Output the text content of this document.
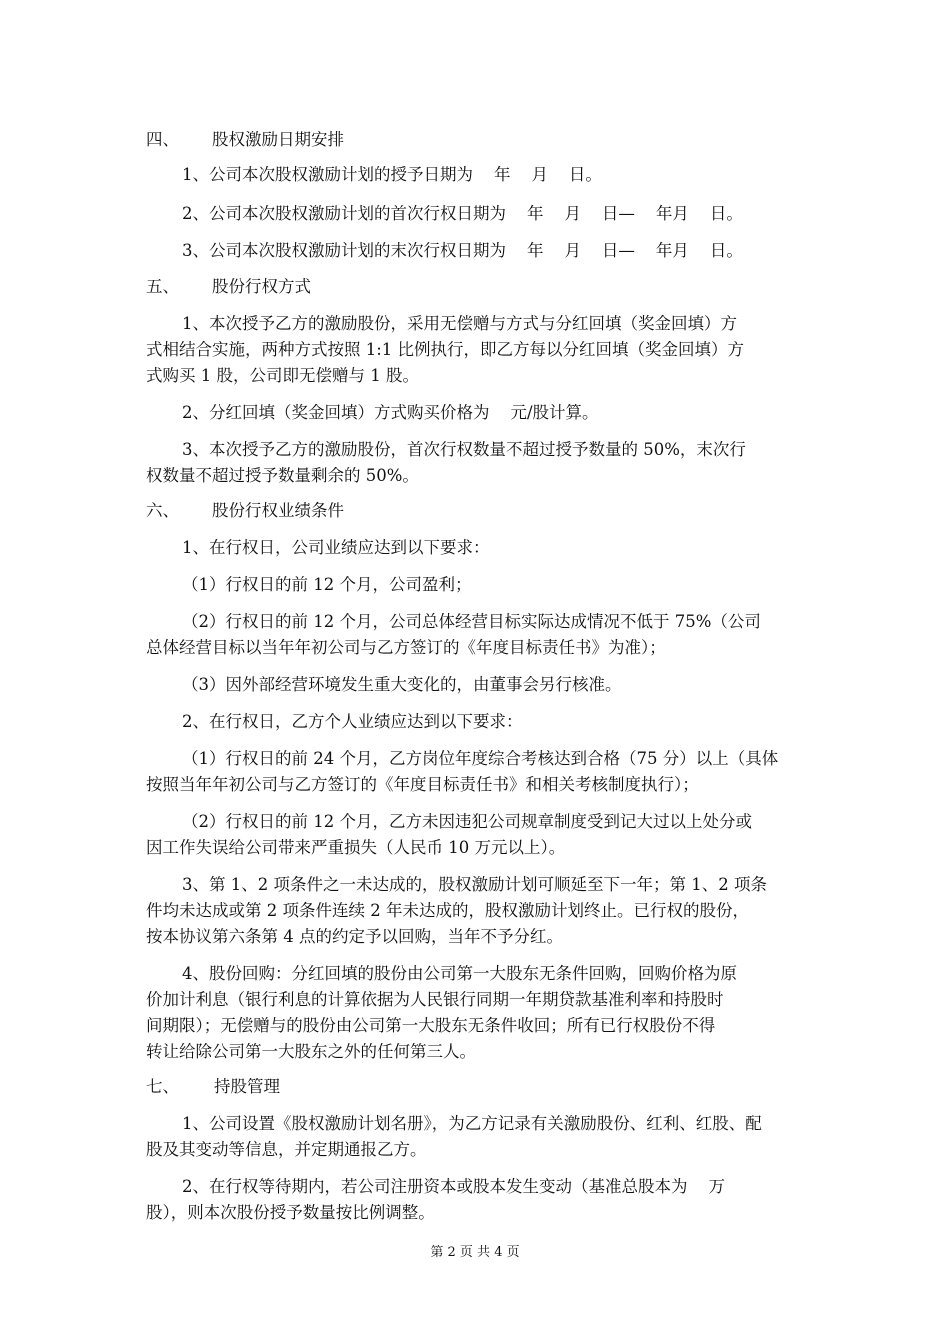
四、 股权激励日期安排
1、公司本次股权激励计划的授予日期为    年    月    日。
2、公司本次股权激励计划的首次行权日期为    年    月    日—    年月    日。
3、公司本次股权激励计划的末次行权日期为    年    月    日—    年月    日。
五、 股份行权方式
1、本次授予乙方的激励股份，采用无偿赠与方式与分红回填（奖金回填）方
式相结合实施，两种方式按照 1:1 比例执行，即乙方每以分红回填（奖金回填）方
式购买 1 股，公司即无偿赠与 1 股。
2、分红回填（奖金回填）方式购买价格为    元/股计算。
3、本次授予乙方的激励股份，首次行权数量不超过授予数量的 50%，末次行
权数量不超过授予数量剩余的 50%。
六、 股份行权业绩条件
1、在行权日，公司业绩应达到以下要求：
（1）行权日的前 12 个月，公司盈利；
（2）行权日的前 12 个月，公司总体经营目标实际达成情况不低于 75%（公司
总体经营目标以当年年初公司与乙方签订的《年度目标责任书》为准）；
（3）因外部经营环境发生重大变化的，由董事会另行核准。
2、在行权日，乙方个人业绩应达到以下要求：
（1）行权日的前 24 个月，乙方岗位年度综合考核达到合格（75 分）以上（具体
按照当年年初公司与乙方签订的《年度目标责任书》和相关考核制度执行）；
（2）行权日的前 12 个月，乙方未因违犯公司规章制度受到记大过以上处分或
因工作失误给公司带来严重损失（人民币 10 万元以上）。
3、第 1、2 项条件之一未达成的，股权激励计划可顺延至下一年；第 1、2 项条
件均未达成或第 2 项条件连续 2 年未达成的，股权激励计划终止。已行权的股份，
按本协议第六条第 4 点的约定予以回购，当年不予分红。
4、股份回购：分红回填的股份由公司第一大股东无条件回购，回购价格为原
价加计利息（银行利息的计算依据为人民银行同期一年期贷款基准利率和持股时
间期限）；无偿赠与的股份由公司第一大股东无条件收回；所有已行权股份不得
转让给除公司第一大股东之外的任何第三人。
七、 持股管理
1、公司设置《股权激励计划名册》，为乙方记录有关激励股份、红利、红股、配
股及其变动等信息，并定期通报乙方。
2、在行权等待期内，若公司注册资本或股本发生变动（基准总股本为    万
股），则本次股份授予数量按比例调整。
第 2 页 共 4 页
